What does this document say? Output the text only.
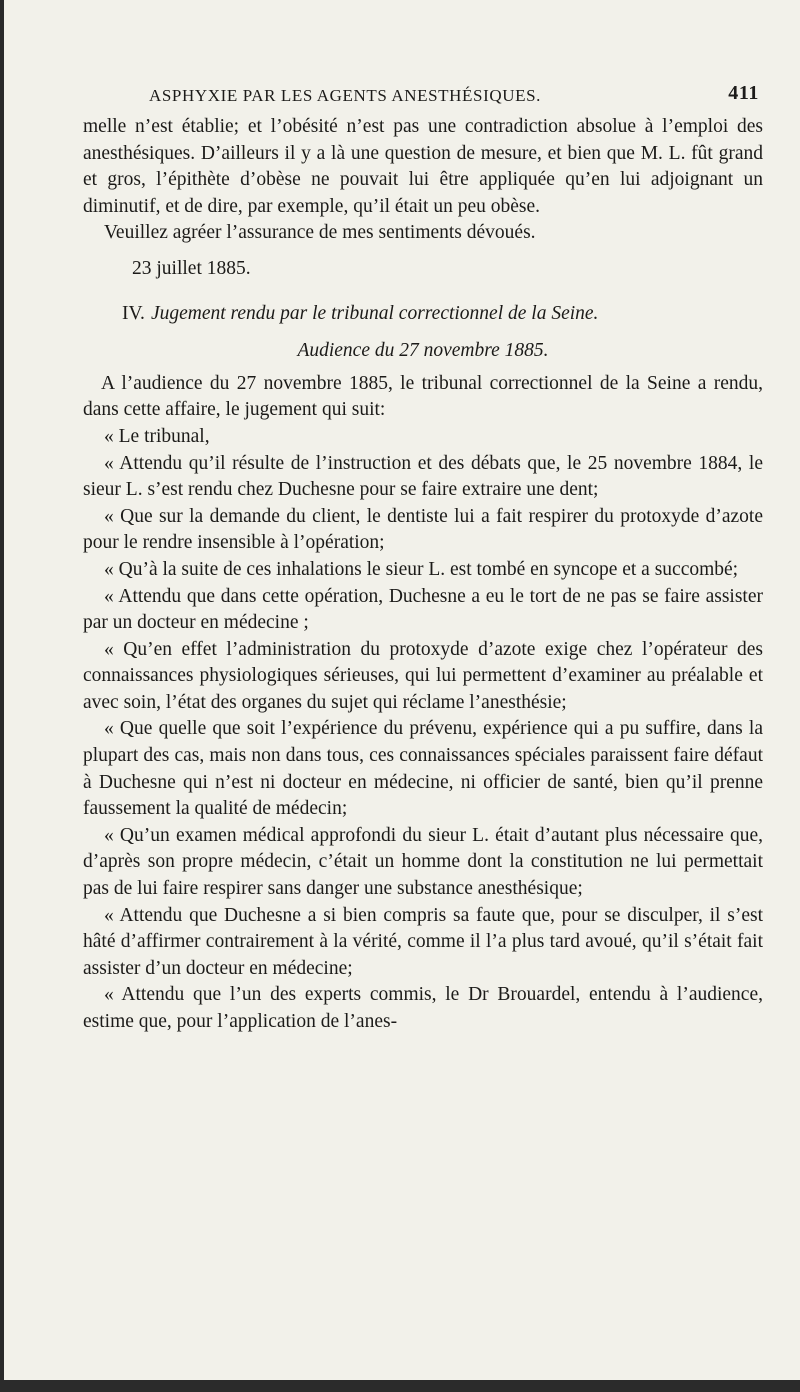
ASPHYXIE PAR LES AGENTS ANESTHÉSIQUES.	411

melle n’est établie; et l’obésité n’est pas une contradiction absolue à l’emploi des anesthésiques. D’ailleurs il y a là une question de mesure, et bien que M. L. fût grand et gros, l’épithète d’obèse ne pouvait lui être appliquée qu’en lui adjoignant un diminutif, et de dire, par exemple, qu’il était un peu obèse.

Veuillez agréer l’assurance de mes sentiments dévoués.

23 juillet 1885.

IV. Jugement rendu par le tribunal correctionnel de la Seine.

Audience du 27 novembre 1885.

A l’audience du 27 novembre 1885, le tribunal correctionnel de la Seine a rendu, dans cette affaire, le jugement qui suit:

« Le tribunal,

« Attendu qu’il résulte de l’instruction et des débats que, le 25 novembre 1884, le sieur L. s’est rendu chez Duchesne pour se faire extraire une dent;

« Que sur la demande du client, le dentiste lui a fait respirer du protoxyde d’azote pour le rendre insensible à l’opération;

« Qu’à la suite de ces inhalations le sieur L. est tombé en syncope et a succombé;

« Attendu que dans cette opération, Duchesne a eu le tort de ne pas se faire assister par un docteur en médecine ;

« Qu’en effet l’administration du protoxyde d’azote exige chez l’opérateur des connaissances physiologiques sérieuses, qui lui permettent d’examiner au préalable et avec soin, l’état des organes du sujet qui réclame l’anesthésie;

« Que quelle que soit l’expérience du prévenu, expérience qui a pu suffire, dans la plupart des cas, mais non dans tous, ces connaissances spéciales paraissent faire défaut à Duchesne qui n’est ni docteur en médecine, ni officier de santé, bien qu’il prenne faussement la qualité de médecin;

« Qu’un examen médical approfondi du sieur L. était d’autant plus nécessaire que, d’après son propre médecin, c’était un homme dont la constitution ne lui permettait pas de lui faire respirer sans danger une substance anesthésique;

« Attendu que Duchesne a si bien compris sa faute que, pour se disculper, il s’est hâté d’affirmer contrairement à la vérité, comme il l’a plus tard avoué, qu’il s’était fait assister d’un docteur en médecine;

« Attendu que l’un des experts commis, le Dr Brouardel, entendu à l’audience, estime que, pour l’application de l’anes-
